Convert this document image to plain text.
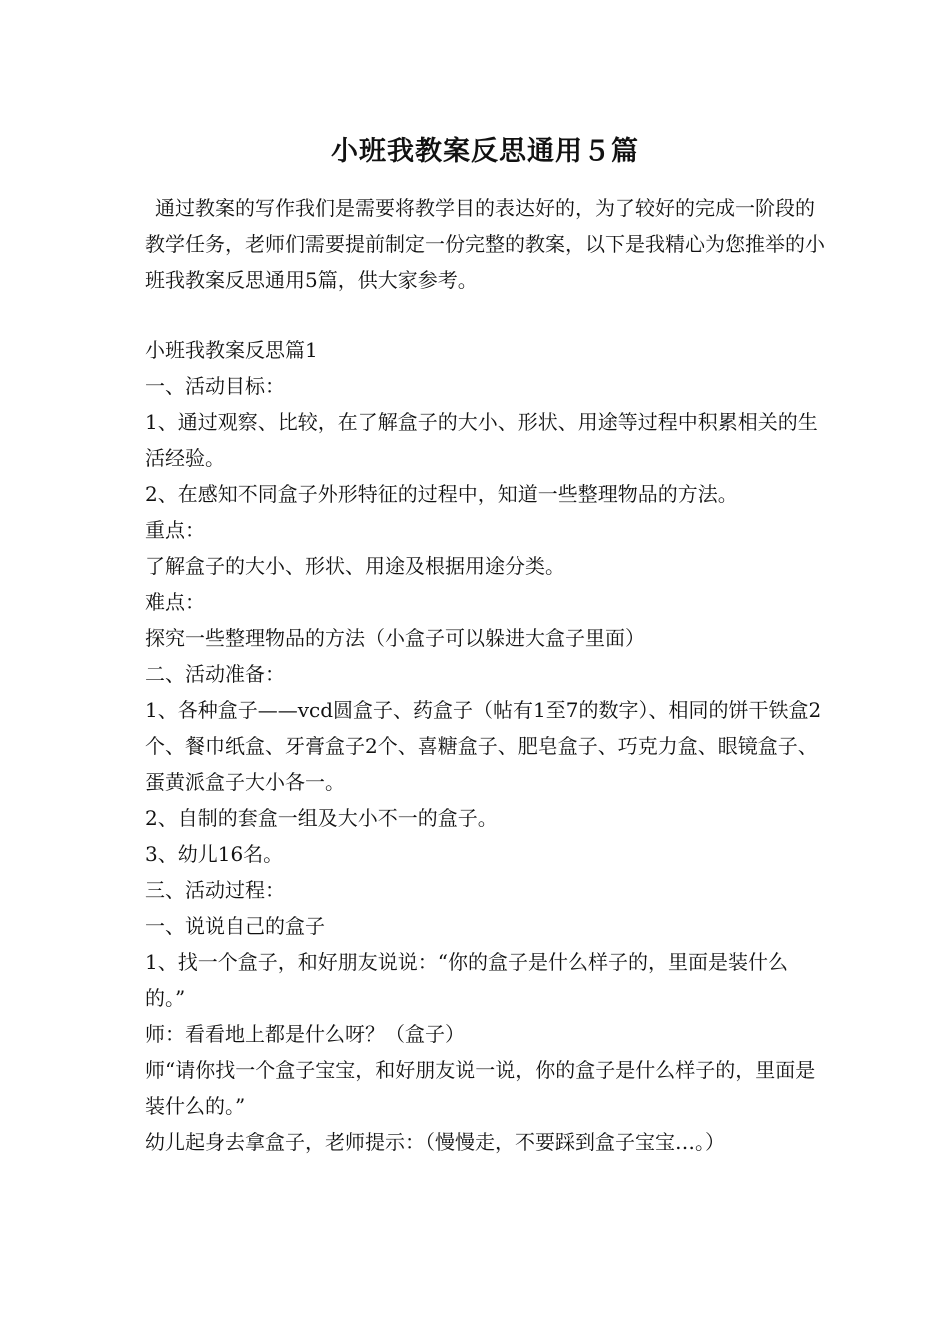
小班我教案反思通用５篇

通过教案的写作我们是需要将教学目的表达好的，为了较好的完成一阶段的教学任务，老师们需要提前制定一份完整的教案，以下是我精心为您推举的小班我教案反思通用5篇，供大家参考。

小班我教案反思篇1

一、活动目标：

1、通过观察、比较，在了解盒子的大小、形状、用途等过程中积累相关的生活经验。

2、在感知不同盒子外形特征的过程中，知道一些整理物品的方法。

重点：

了解盒子的大小、形状、用途及根据用途分类。

难点：

探究一些整理物品的方法（小盒子可以躲进大盒子里面）

二、活动准备：

1、各种盒子——vcd圆盒子、药盒子（帖有1至7的数字）、相同的饼干铁盒2个、餐巾纸盒、牙膏盒子2个、喜糖盒子、肥皂盒子、巧克力盒、眼镜盒子、蛋黄派盒子大小各一。

2、自制的套盒一组及大小不一的盒子。

3、幼儿16名。

三、活动过程：

一、说说自己的盒子

1、找一个盒子，和好朋友说说：“你的盒子是什么样子的，里面是装什么的。”

师：看看地上都是什么呀？（盒子）

师“请你找一个盒子宝宝，和好朋友说一说，你的盒子是什么样子的，里面是装什么的。”

幼儿起身去拿盒子，老师提示：（慢慢走，不要踩到盒子宝宝…。）
